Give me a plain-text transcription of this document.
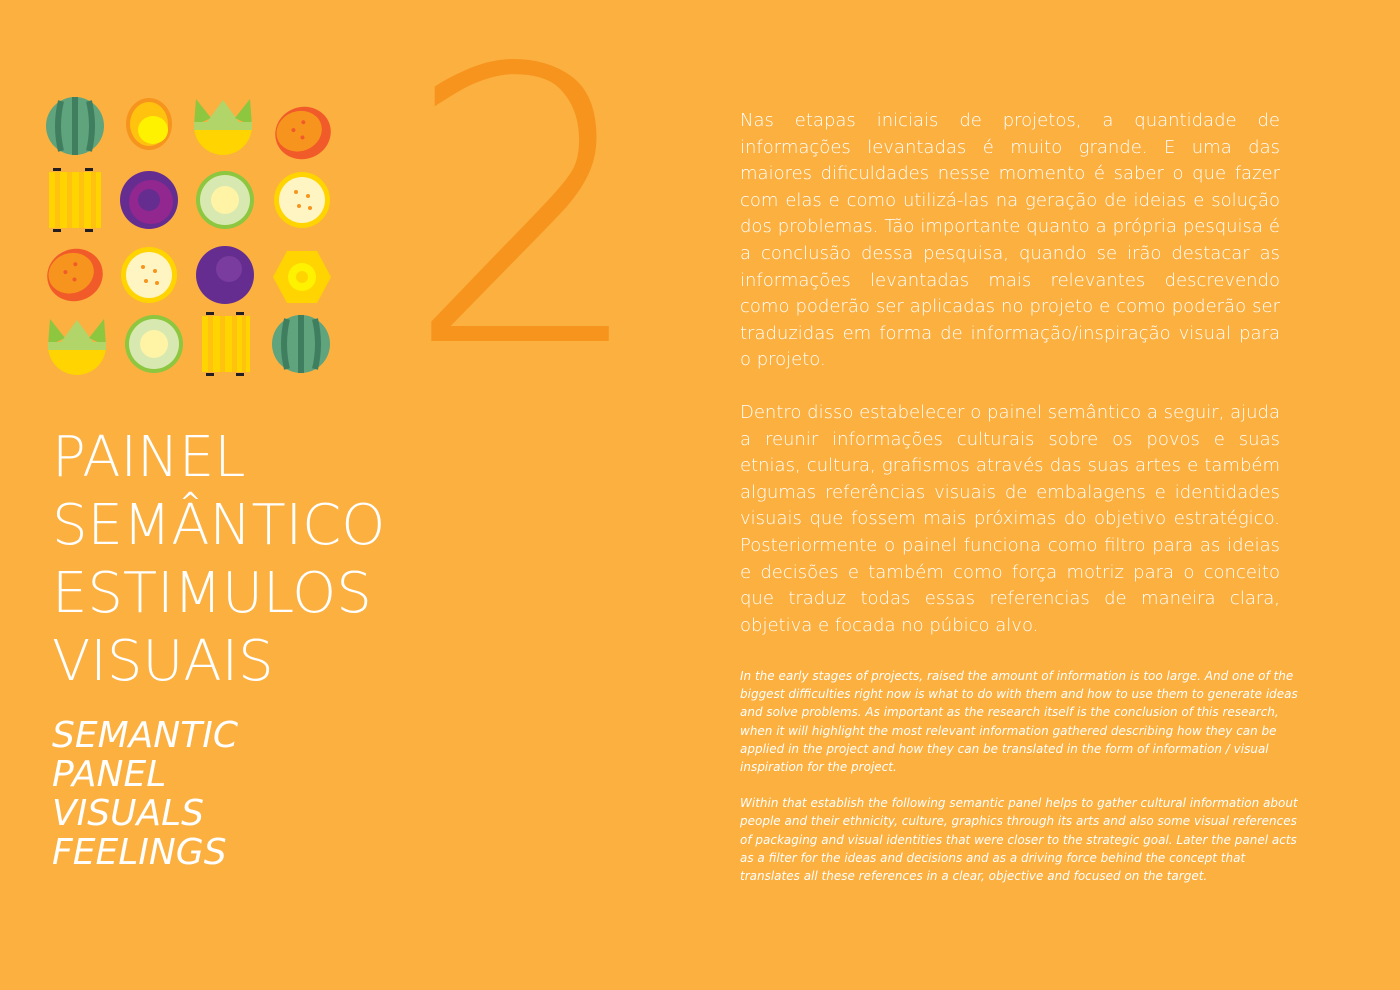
2
PAINEL
SEMÂNTICO
ESTIMULOS
VISUAIS
SEMANTIC
PANEL
VISUALS
FEELINGS

Nas etapas iniciais de projetos, a quantidade de informações levantadas é muito grande. E uma das maiores dificuldades nesse momento é saber o que fazer com elas e como utilizá-las na geração de ideias e solução dos problemas. Tão importante quanto a própria pesquisa é a conclusão dessa pesquisa, quando se irão destacar as informações levantadas mais relevantes descrevendo como poderão ser aplicadas no projeto e como poderão ser traduzidas em forma de informação/inspiração visual para o projeto.

Dentro disso estabelecer o painel semântico a seguir, ajuda a reunir informações culturais sobre os povos e suas etnias, cultura, grafismos através das suas artes e também algumas referências visuais de embalagens e identidades visuais que fossem mais próximas do objetivo estratégico. Posteriormente o painel funciona como filtro para as ideias e decisões e também como força motriz para o conceito que traduz todas essas referencias de maneira clara, objetiva e focada no púbico alvo.

In the early stages of projects, raised the amount of information is too large. And one of the biggest difficulties right now is what to do with them and how to use them to generate ideas and solve problems. As important as the research itself is the conclusion of this research, when it will highlight the most relevant information gathered describing how they can be applied in the project and how they can be translated in the form of information / visual inspiration for the project.

Within that establish the following semantic panel helps to gather cultural information about people and their ethnicity, culture, graphics through its arts and also some visual references of packaging and visual identities that were closer to the strategic goal. Later the panel acts as a filter for the ideas and decisions and as a driving force behind the concept that translates all these references in a clear, objective and focused on the target.
